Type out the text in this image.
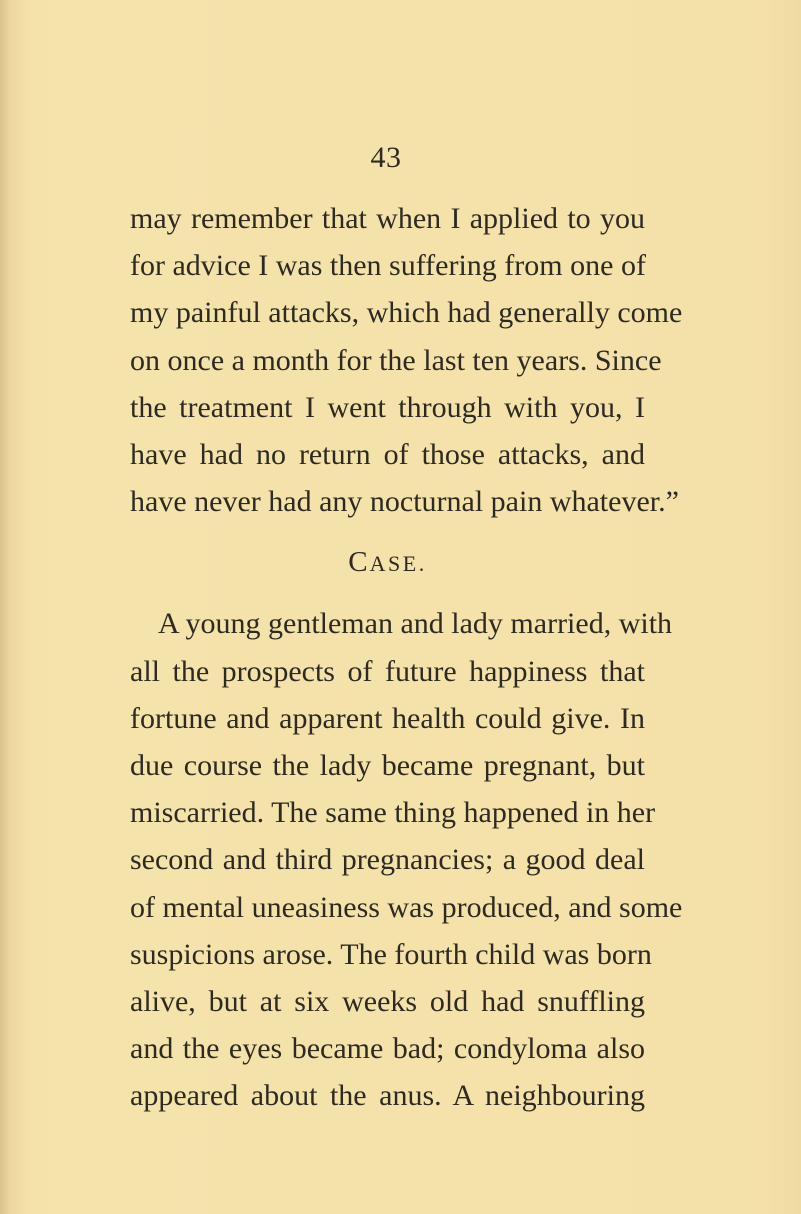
43
may remember that when I applied to you
for advice I was then suffering from one of
my painful attacks, which had generally come
on once a month for the last ten years. Since
the treatment I went through with you, I
have had no return of those attacks, and
have never had any nocturnal pain whatever.”
CASE.
A young gentleman and lady married, with
all the prospects of future happiness that
fortune and apparent health could give. In
due course the lady became pregnant, but
miscarried. The same thing happened in her
second and third pregnancies; a good deal
of mental uneasiness was produced, and some
suspicions arose. The fourth child was born
alive, but at six weeks old had snuffling
and the eyes became bad; condyloma also
appeared about the anus. A neighbouring
